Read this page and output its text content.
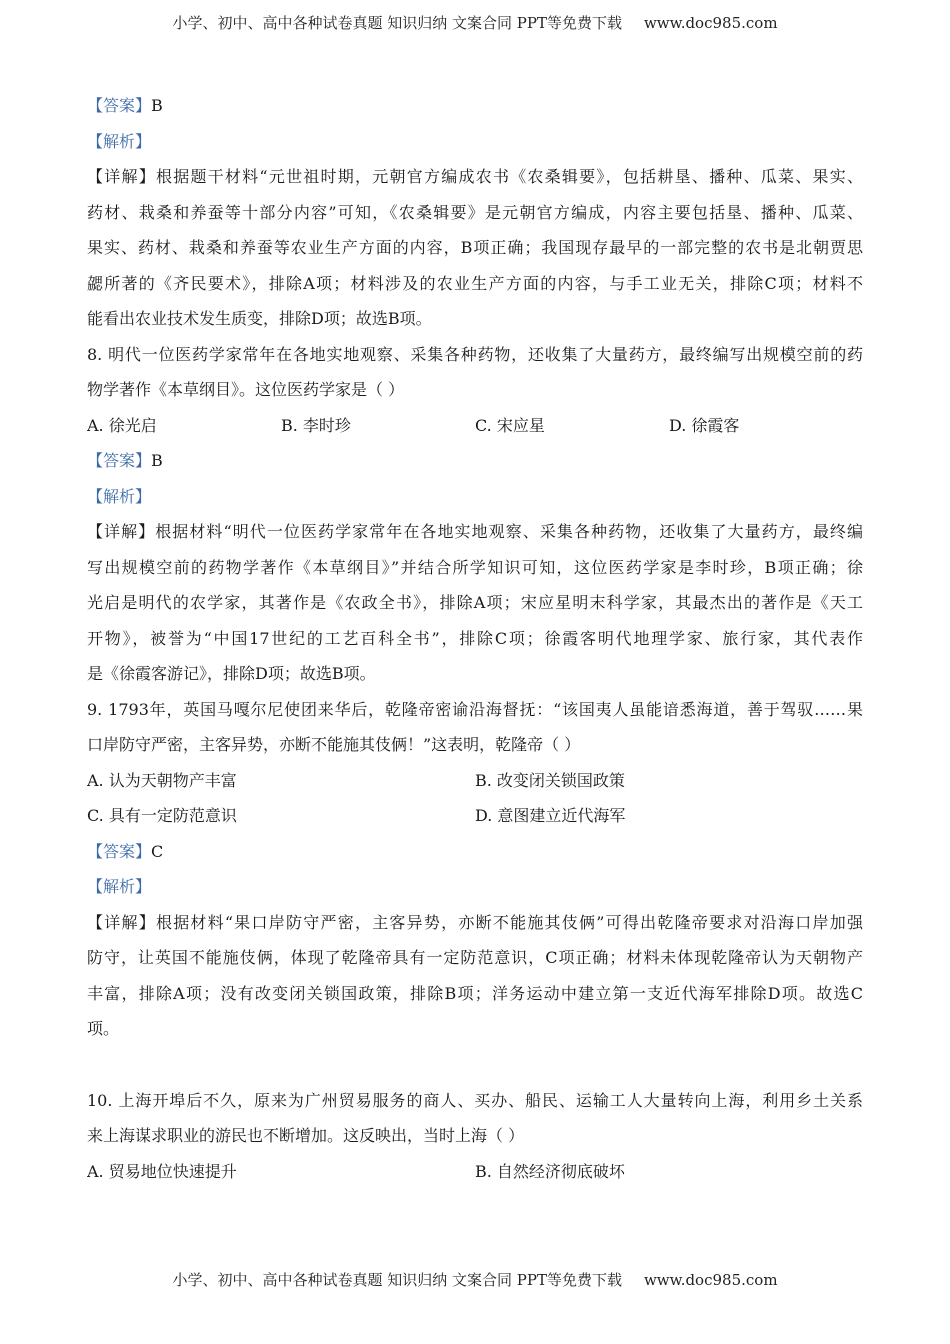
小学、初中、高中各种试卷真题 知识归纳 文案合同 PPT等免费下载 www.doc985.com
【答案】B
【解析】
【详解】根据题干材料“元世祖时期，元朝官方编成农书《农桑辑要》，包括耕垦、播种、瓜菜、果实、
药材、栽桑和养蚕等十部分内容”可知，《农桑辑要》是元朝官方编成，内容主要包括垦、播种、瓜菜、
果实、药材、栽桑和养蚕等农业生产方面的内容，B项正确；我国现存最早的一部完整的农书是北朝贾思
勰所著的《齐民要术》，排除A项；材料涉及的农业生产方面的内容，与手工业无关，排除C项；材料不
能看出农业技术发生质变，排除D项；故选B项。
8. 明代一位医药学家常年在各地实地观察、采集各种药物，还收集了大量药方，最终编写出规模空前的药
物学著作《本草纲目》。这位医药学家是（ ）
A. 徐光启	B. 李时珍	C. 宋应星	D. 徐霞客
【答案】B
【解析】
【详解】根据材料“明代一位医药学家常年在各地实地观察、采集各种药物，还收集了大量药方，最终编
写出规模空前的药物学著作《本草纲目》”并结合所学知识可知，这位医药学家是李时珍，B项正确；徐
光启是明代的农学家，其著作是《农政全书》，排除A项；宋应星明末科学家，其最杰出的著作是《天工
开物》，被誉为“中国17世纪的工艺百科全书”，排除C项；徐霞客明代地理学家、旅行家，其代表作
是《徐霞客游记》，排除D项；故选B项。
9. 1793年，英国马嘎尔尼使团来华后，乾隆帝密谕沿海督抚：“该国夷人虽能谙悉海道，善于驾驭……果
口岸防守严密，主客异势，亦断不能施其伎俩！”这表明，乾隆帝（ ）
A. 认为天朝物产丰富	B. 改变闭关锁国政策
C. 具有一定防范意识	D. 意图建立近代海军
【答案】C
【解析】
【详解】根据材料“果口岸防守严密，主客异势，亦断不能施其伎俩”可得出乾隆帝要求对沿海口岸加强
防守，让英国不能施伎俩，体现了乾隆帝具有一定防范意识，C项正确；材料未体现乾隆帝认为天朝物产
丰富，排除A项；没有改变闭关锁国政策，排除B项；洋务运动中建立第一支近代海军排除D项。故选C
项。
10. 上海开埠后不久，原来为广州贸易服务的商人、买办、船民、运输工人大量转向上海，利用乡土关系
来上海谋求职业的游民也不断增加。这反映出，当时上海（ ）
A. 贸易地位快速提升	B. 自然经济彻底破坏
小学、初中、高中各种试卷真题 知识归纳 文案合同 PPT等免费下载 www.doc985.com
